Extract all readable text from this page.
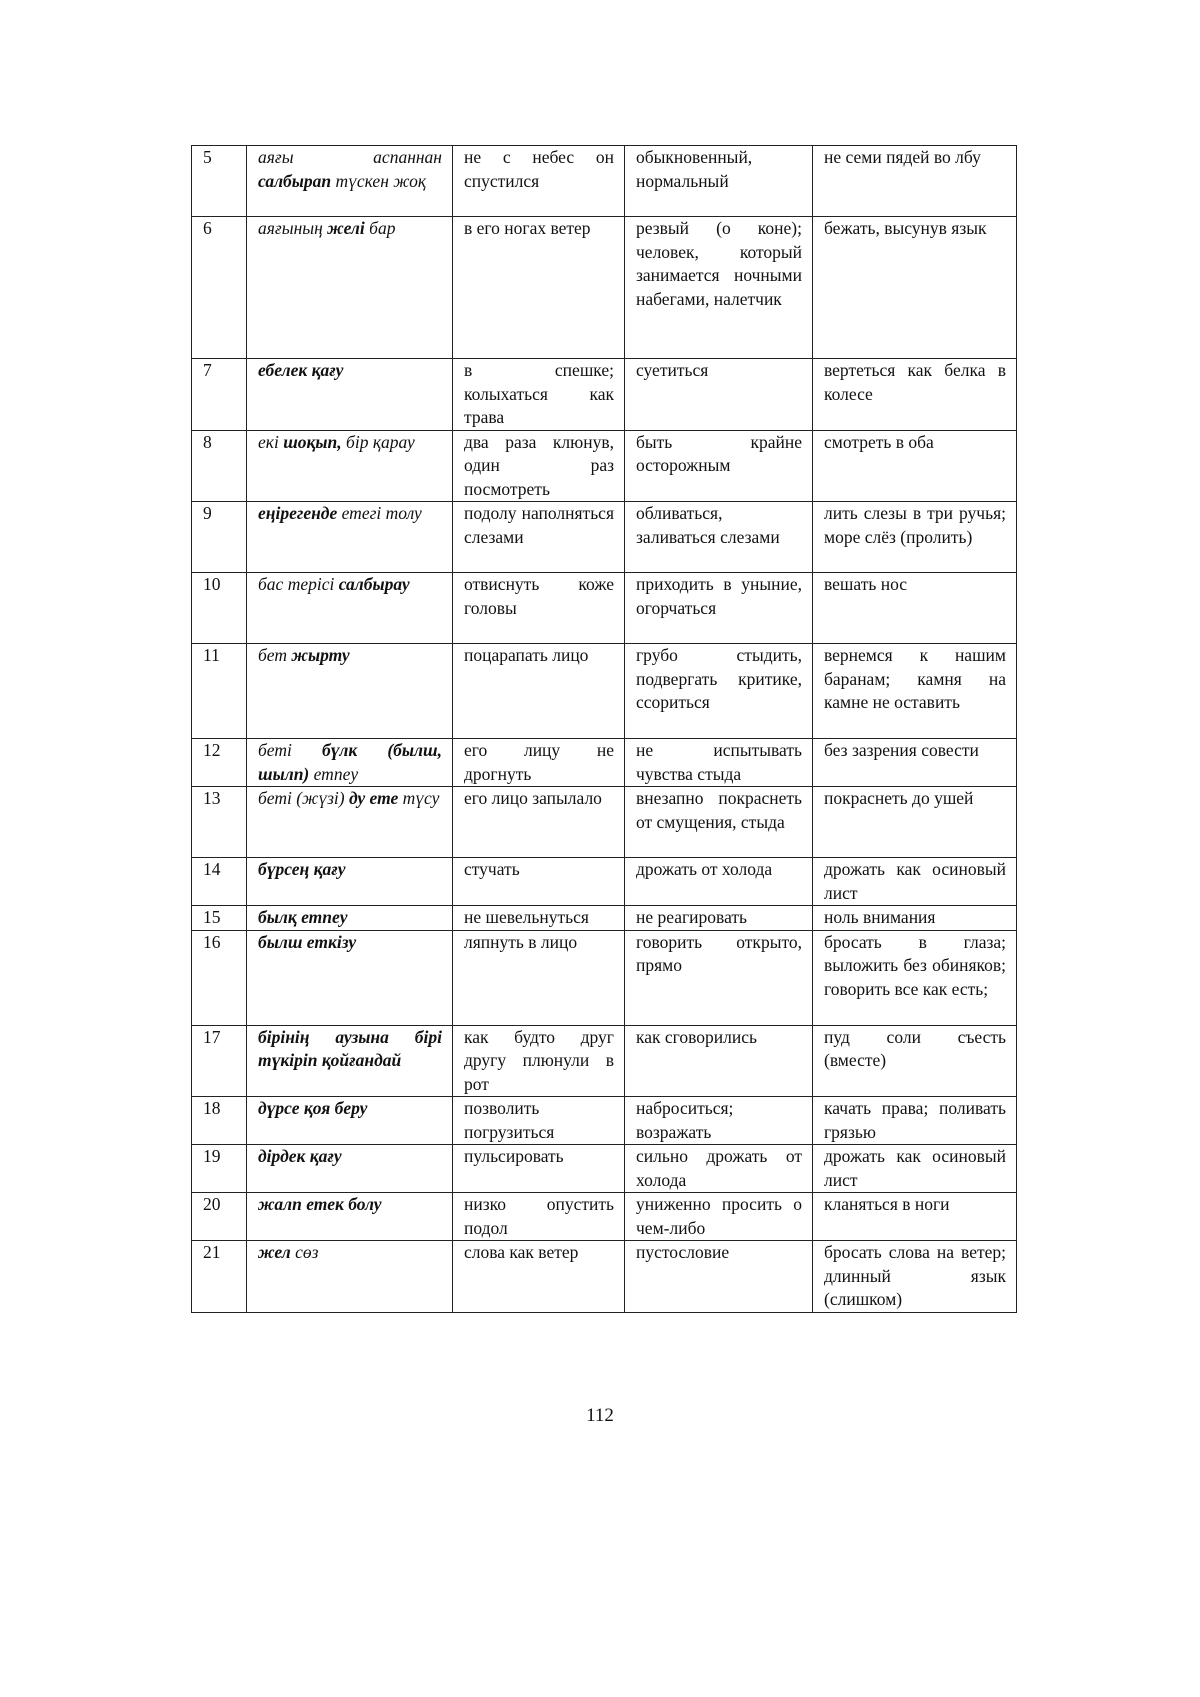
5	аяғы аспаннан салбырап түскен жоқ	не с небес он спустился	обыкновенный, нормальный	не семи пядей во лбу
6	аяғының желі бар	в его ногах ветер	резвый (о коне); человек, который занимается ночными набегами, налетчик	бежать, высунув язык
7	ебелек қағу	в спешке; колыхаться как трава	суетиться	вертеться как белка в колесе
8	екі шоқып, бір қарау	два раза клюнув, один раз посмотреть	быть крайне осторожным	смотреть в оба
9	еңірегенде етегі толу	подолу наполняться слезами	обливаться, заливаться слезами	лить слезы в три ручья; море слёз (пролить)
10	бас терісі салбырау	отвиснуть коже головы	приходить в уныние, огорчаться	вешать нос
11	бет жырту	поцарапать лицо	грубо стыдить, подвергать критике, ссориться	вернемся к нашим баранам; камня на камне не оставить
12	беті бүлк (былш, шылп) етпеу	его лицу не дрогнуть	не испытывать чувства стыда	без зазрения совести
13	беті (жүзі) ду ете түсу	его лицо запылало	внезапно покраснеть от смущения, стыда	покраснеть до ушей
14	бүрсең қағу	стучать	дрожать от холода	дрожать как осиновый лист
15	былқ етпеу	не шевельнуться	не реагировать	ноль внимания
16	былш еткізу	ляпнуть в лицо	говорить открыто, прямо	бросать в глаза; выложить без обиняков; говорить все как есть;
17	бірінің аузына бірі түкіріп қойғандай	как будто друг другу плюнули в рот	как сговорились	пуд соли съесть (вместе)
18	дүрсе қоя беру	позволить погрузиться	наброситься; возражать	качать права; поливать грязью
19	дірдек қағу	пульсировать	сильно дрожать от холода	дрожать как осиновый лист
20	жалп етек болу	низко опустить подол	униженно просить о чем-либо	кланяться в ноги
21	жел сөз	слова как ветер	пустословие	бросать слова на ветер; длинный язык (слишком)
112
